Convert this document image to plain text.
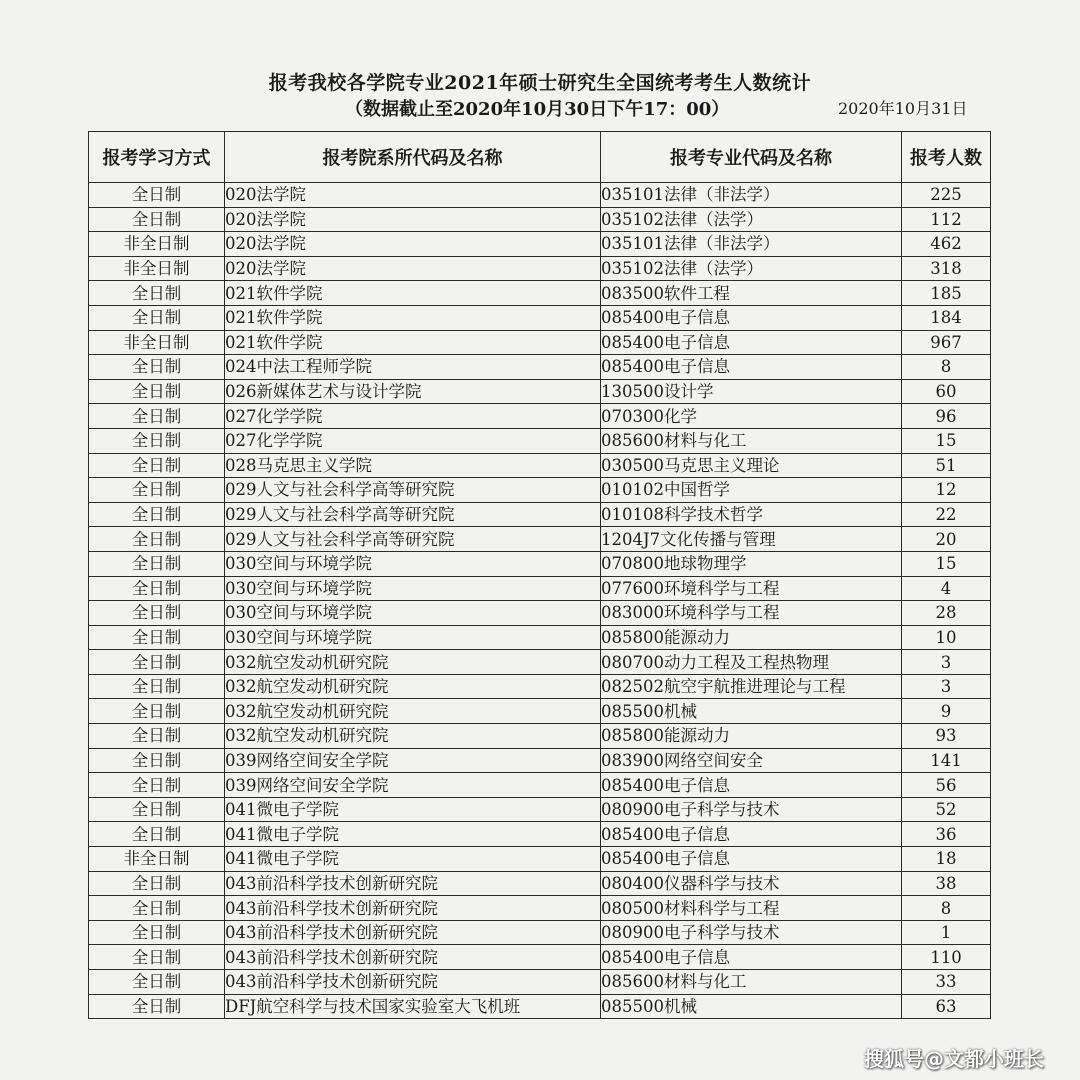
报考我校各学院专业2021年硕士研究生全国统考考生人数统计
（数据截止至2020年10月30日下午17：00）	2020年10月31日
报考学习方式	报考院系所代码及名称	报考专业代码及名称	报考人数
全日制	020法学院	035101法律（非法学）	225
全日制	020法学院	035102法律（法学）	112
非全日制	020法学院	035101法律（非法学）	462
非全日制	020法学院	035102法律（法学）	318
全日制	021软件学院	083500软件工程	185
全日制	021软件学院	085400电子信息	184
非全日制	021软件学院	085400电子信息	967
全日制	024中法工程师学院	085400电子信息	8
全日制	026新媒体艺术与设计学院	130500设计学	60
全日制	027化学学院	070300化学	96
全日制	027化学学院	085600材料与化工	15
全日制	028马克思主义学院	030500马克思主义理论	51
全日制	029人文与社会科学高等研究院	010102中国哲学	12
全日制	029人文与社会科学高等研究院	010108科学技术哲学	22
全日制	029人文与社会科学高等研究院	1204J7文化传播与管理	20
全日制	030空间与环境学院	070800地球物理学	15
全日制	030空间与环境学院	077600环境科学与工程	4
全日制	030空间与环境学院	083000环境科学与工程	28
全日制	030空间与环境学院	085800能源动力	10
全日制	032航空发动机研究院	080700动力工程及工程热物理	3
全日制	032航空发动机研究院	082502航空宇航推进理论与工程	3
全日制	032航空发动机研究院	085500机械	9
全日制	032航空发动机研究院	085800能源动力	93
全日制	039网络空间安全学院	083900网络空间安全	141
全日制	039网络空间安全学院	085400电子信息	56
全日制	041微电子学院	080900电子科学与技术	52
全日制	041微电子学院	085400电子信息	36
非全日制	041微电子学院	085400电子信息	18
全日制	043前沿科学技术创新研究院	080400仪器科学与技术	38
全日制	043前沿科学技术创新研究院	080500材料科学与工程	8
全日制	043前沿科学技术创新研究院	080900电子科学与技术	1
全日制	043前沿科学技术创新研究院	085400电子信息	110
全日制	043前沿科学技术创新研究院	085600材料与化工	33
全日制	DFJ航空科学与技术国家实验室大飞机班	085500机械	63
搜狐号@文都小班长
